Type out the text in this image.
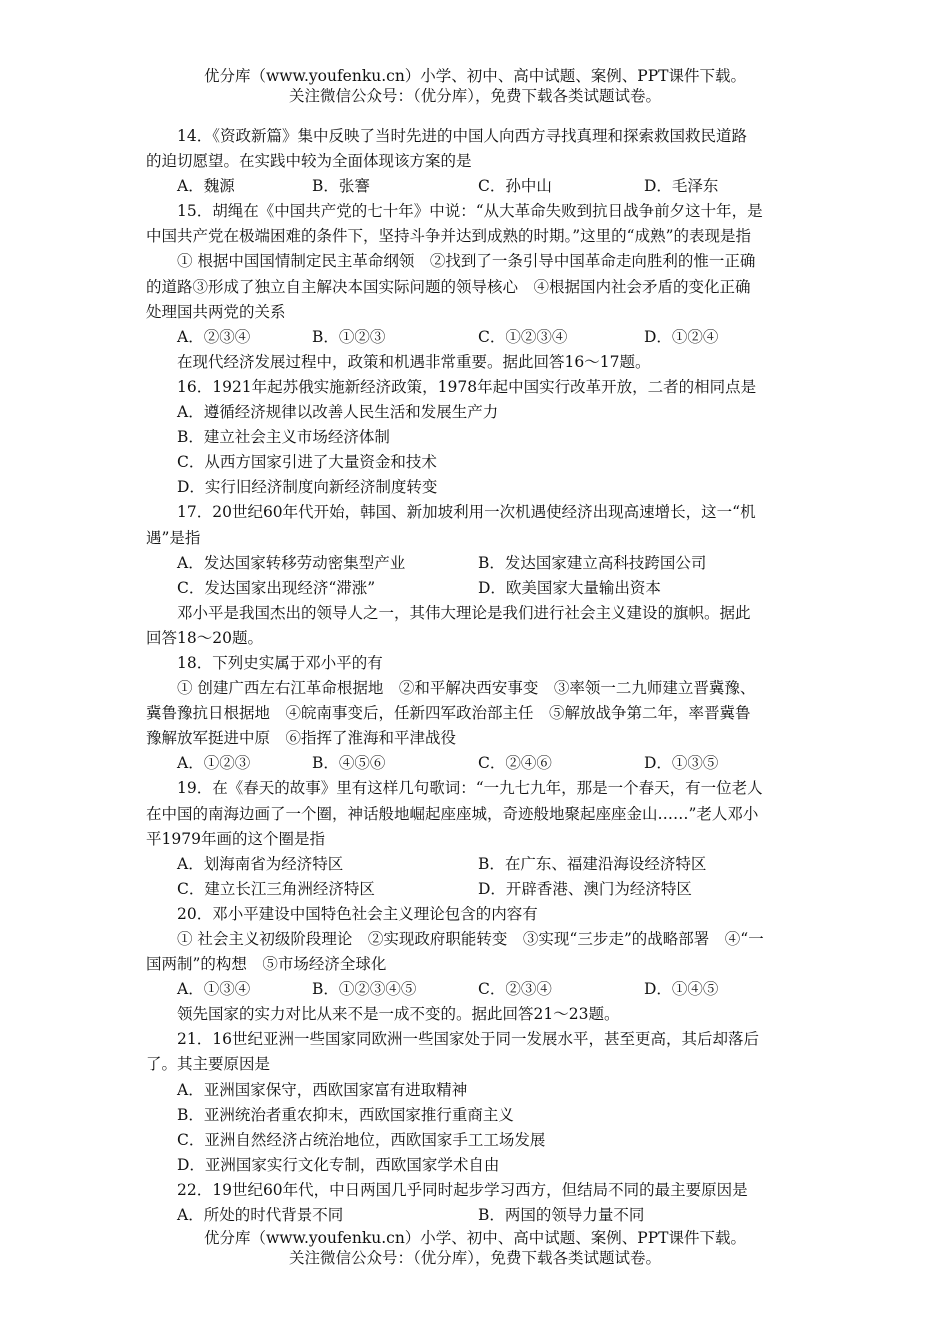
优分库（www.youfenku.cn）小学、初中、高中试题、案例、PPT课件下载。
关注微信公众号：（优分库），免费下载各类试题试卷。
14．《资政新篇》集中反映了当时先进的中国人向西方寻找真理和探索救国救民道路
的迫切愿望。在实践中较为全面体现该方案的是
A．魏源	B．张謇	C．孙中山	D．毛泽东
15．胡绳在《中国共产党的七十年》中说：“从大革命失败到抗日战争前夕这十年，是
中国共产党在极端困难的条件下，坚持斗争并达到成熟的时期。”这里的“成熟”的表现是指
① 根据中国国情制定民主革命纲领　②找到了一条引导中国革命走向胜利的惟一正确
的道路③形成了独立自主解决本国实际问题的领导核心　④根据国内社会矛盾的变化正确
处理国共两党的关系
A．②③④	B．①②③	C．①②③④	D．①②④
在现代经济发展过程中，政策和机遇非常重要。据此回答16～17题。
16．1921年起苏俄实施新经济政策，1978年起中国实行改革开放，二者的相同点是
A．遵循经济规律以改善人民生活和发展生产力
B．建立社会主义市场经济体制
C．从西方国家引进了大量资金和技术
D．实行旧经济制度向新经济制度转变
17．20世纪60年代开始，韩国、新加坡利用一次机遇使经济出现高速增长，这一“机
遇”是指
A．发达国家转移劳动密集型产业	B．发达国家建立高科技跨国公司
C．发达国家出现经济“滞涨”	D．欧美国家大量输出资本
邓小平是我国杰出的领导人之一，其伟大理论是我们进行社会主义建设的旗帜。据此
回答18～20题。
18．下列史实属于邓小平的有
① 创建广西左右江革命根据地　②和平解决西安事变　③率领一二九师建立晋冀豫、
冀鲁豫抗日根据地　④皖南事变后，任新四军政治部主任　⑤解放战争第二年，率晋冀鲁
豫解放军挺进中原　⑥指挥了淮海和平津战役
A．①②③	B．④⑤⑥	C．②④⑥	D．①③⑤
19．在《春天的故事》里有这样几句歌词：“一九七九年，那是一个春天，有一位老人
在中国的南海边画了一个圈，神话般地崛起座座城，奇迹般地聚起座座金山……”老人邓小
平1979年画的这个圈是指
A．划海南省为经济特区	B．在广东、福建沿海设经济特区
C．建立长江三角洲经济特区	D．开辟香港、澳门为经济特区
20．邓小平建设中国特色社会主义理论包含的内容有
① 社会主义初级阶段理论　②实现政府职能转变　③实现“三步走”的战略部署　④“一
国两制”的构想　⑤市场经济全球化
A．①③④	B．①②③④⑤	C．②③④	D．①④⑤
领先国家的实力对比从来不是一成不变的。据此回答21～23题。
21．16世纪亚洲一些国家同欧洲一些国家处于同一发展水平，甚至更高，其后却落后
了。其主要原因是
A．亚洲国家保守，西欧国家富有进取精神
B．亚洲统治者重农抑末，西欧国家推行重商主义
C．亚洲自然经济占统治地位，西欧国家手工工场发展
D．亚洲国家实行文化专制，西欧国家学术自由
22．19世纪60年代，中日两国几乎同时起步学习西方，但结局不同的最主要原因是
A．所处的时代背景不同	B．两国的领导力量不同
优分库（www.youfenku.cn）小学、初中、高中试题、案例、PPT课件下载。
关注微信公众号：（优分库），免费下载各类试题试卷。
